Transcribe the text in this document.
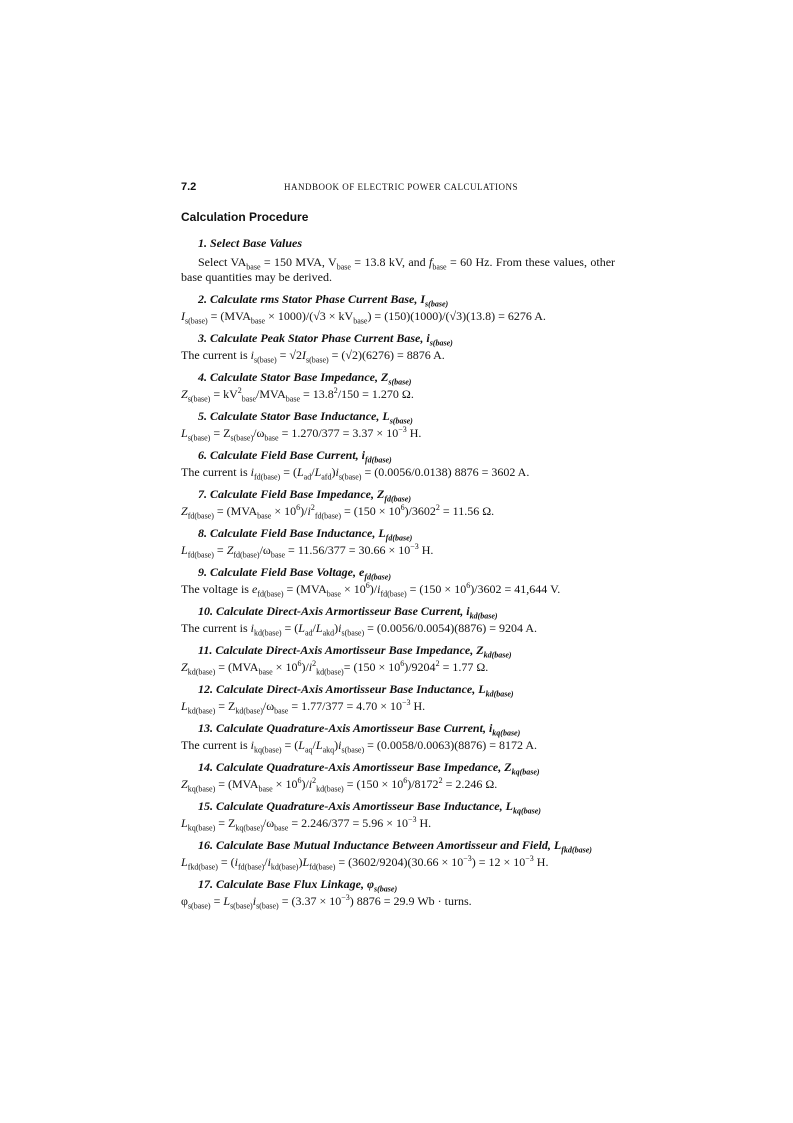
7.2	HANDBOOK OF ELECTRIC POWER CALCULATIONS
Calculation Procedure
1. Select Base Values
Select $VA_{base} = 150$ MVA, $V_{base} = 13.8$ kV, and $f_{base} = 60$ Hz. From these values, other base quantities may be derived.
2. Calculate rms Stator Phase Current Base, $I_{s(base)}$
$I_{s(base)} = (MVA_{base} \times 1000)/(√3 \times kV_{base}) = (150)(1000)/(√3)(13.8) = 6276$ A.
3. Calculate Peak Stator Phase Current Base, $i_{s(base)}$
The current is $i_{s(base)} = √2I_{s(base)} = (√2)(6276) = 8876$ A.
4. Calculate Stator Base Impedance, $Z_{s(base)}$
$Z_{s(base)} = kV^2_{base}/MVA_{base} = 13.8^2/150 = 1.270$ Ω.
5. Calculate Stator Base Inductance, $L_{s(base)}$
$L_{s(base)} = Z_{s(base)}/\omega_{base} = 1.270/377 = 3.37 \times 10^{-3}$ H.
6. Calculate Field Base Current, $i_{fd(base)}$
The current is $i_{fd(base)} = (L_{ad}/L_{afd})i_{s(base)} = (0.0056/0.0138) 8876 = 3602$ A.
7. Calculate Field Base Impedance, $Z_{fd(base)}$
$Z_{fd(base)} = (MVA_{base} \times 10^6)/i^2_{fd(base)} = (150 \times 10^6)/3602^2 = 11.56$ Ω.
8. Calculate Field Base Inductance, $L_{fd(base)}$
$L_{fd(base)} = Z_{fd(base)}/\omega_{base} = 11.56/377 = 30.66 \times 10^{-3}$ H.
9. Calculate Field Base Voltage, $e_{fd(base)}$
The voltage is $e_{fd(base)} = (MVA_{base} \times 10^6)/i_{fd(base)} = (150 \times 10^6)/3602 = 41,644$ V.
10. Calculate Direct-Axis Armortisseur Base Current, $i_{kd(base)}$
The current is $i_{kd(base)} = (L_{ad}/L_{akd})i_{s(base)} = (0.0056/0.0054)(8876) = 9204$ A.
11. Calculate Direct-Axis Amortisseur Base Impedance, $Z_{kd(base)}$
$Z_{kd(base)} = (MVA_{base} \times 10^6)/i^2_{kd(base)}= (150 \times 10^6)/9204^2 = 1.77$ Ω.
12. Calculate Direct-Axis Amortisseur Base Inductance, $L_{kd(base)}$
$L_{kd(base)} = Z_{kd(base)}/\omega_{base} = 1.77/377 = 4.70 \times 10^{-3}$ H.
13. Calculate Quadrature-Axis Amortisseur Base Current, $i_{kq(base)}$
The current is $i_{kq(base)} = (L_{aq}/L_{akq})i_{s(base)} = (0.0058/0.0063)(8876) = 8172$ A.
14. Calculate Quadrature-Axis Amortisseur Base Impedance, $Z_{kq(base)}$
$Z_{kq(base)} = (MVA_{base} \times 10^6)/i^2_{kd(base)} = (150 \times 10^6)/8172^2 = 2.246$ Ω.
15. Calculate Quadrature-Axis Amortisseur Base Inductance, $L_{kq(base)}$
$L_{kq(base)} = Z_{kq(base)}/\omega_{base} = 2.246/377 = 5.96 \times 10^{-3}$ H.
16. Calculate Base Mutual Inductance Between Amortisseur and Field, $L_{fkd(base)}$
$L_{fkd(base)} = (i_{fd(base)}/i_{kd(base)})L_{fd(base)} = (3602/9204)(30.66 \times 10^{-3}) = 12 \times 10^{-3}$ H.
17. Calculate Base Flux Linkage, $\varphi_{s(base)}$
$\varphi_{s(base)} = L_{s(base)}i_{s(base)} = (3.37 \times 10^{-3}) 8876 = 29.9$ Wb · turns.
